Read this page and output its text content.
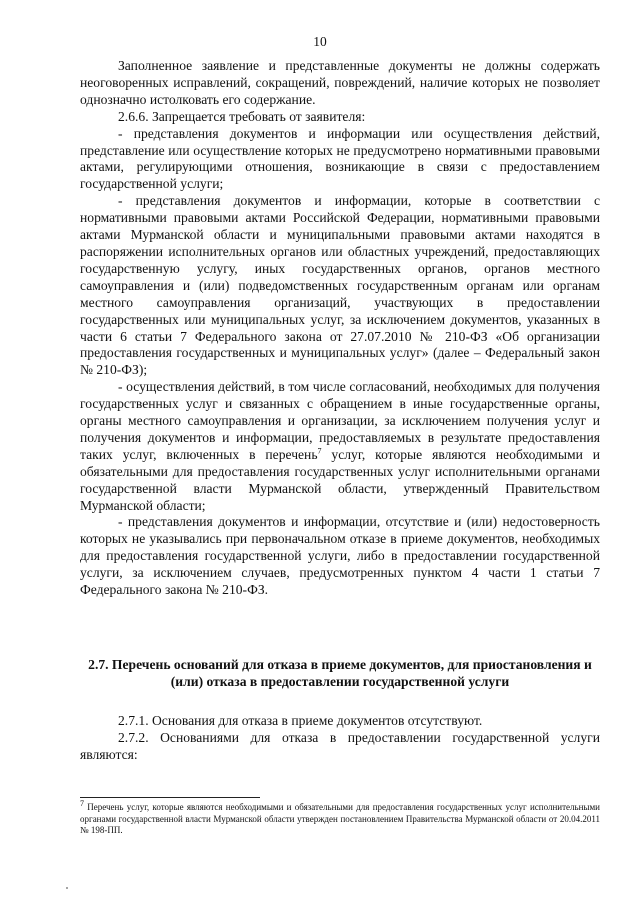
10

Заполненное заявление и представленные документы не должны содержать неоговоренных исправлений, сокращений, повреждений, наличие которых не позволяет однозначно истолковать его содержание.

2.6.6. Запрещается требовать от заявителя:

- представления документов и информации или осуществления действий, представление или осуществление которых не предусмотрено нормативными правовыми актами, регулирующими отношения, возникающие в связи с предоставлением государственной услуги;

- представления документов и информации, которые в соответствии с нормативными правовыми актами Российской Федерации, нормативными правовыми актами Мурманской области и муниципальными правовыми актами находятся в распоряжении исполнительных органов или областных учреждений, предоставляющих государственную услугу, иных государственных органов, органов местного самоуправления и (или) подведомственных государственным органам или органам местного самоуправления организаций, участвующих в предоставлении государственных или муниципальных услуг, за исключением документов, указанных в части 6 статьи 7 Федерального закона от 27.07.2010 № 210-ФЗ «Об организации предоставления государственных и муниципальных услуг» (далее – Федеральный закон № 210-ФЗ);

- осуществления действий, в том числе согласований, необходимых для получения государственных услуг и связанных с обращением в иные государственные органы, органы местного самоуправления и организации, за исключением получения услуг и получения документов и информации, предоставляемых в результате предоставления таких услуг, включенных в перечень$^7$ услуг, которые являются необходимыми и обязательными для предоставления государственных услуг исполнительными органами государственной власти Мурманской области, утвержденный Правительством Мурманской области;

- представления документов и информации, отсутствие и (или) недостоверность которых не указывались при первоначальном отказе в приеме документов, необходимых для предоставления государственной услуги, либо в предоставлении государственной услуги, за исключением случаев, предусмотренных пунктом 4 части 1 статьи 7 Федерального закона № 210-ФЗ.

2.7. Перечень оснований для отказа в приеме документов, для приостановления и (или) отказа в предоставлении государственной услуги

2.7.1. Основания для отказа в приеме документов отсутствуют.

2.7.2. Основаниями для отказа в предоставлении государственной услуги являются:

$^7$ Перечень услуг, которые являются необходимыми и обязательными для предоставления государственных услуг исполнительными органами государственной власти Мурманской области утвержден постановлением Правительства Мурманской области от 20.04.2011 № 198-ПП.
